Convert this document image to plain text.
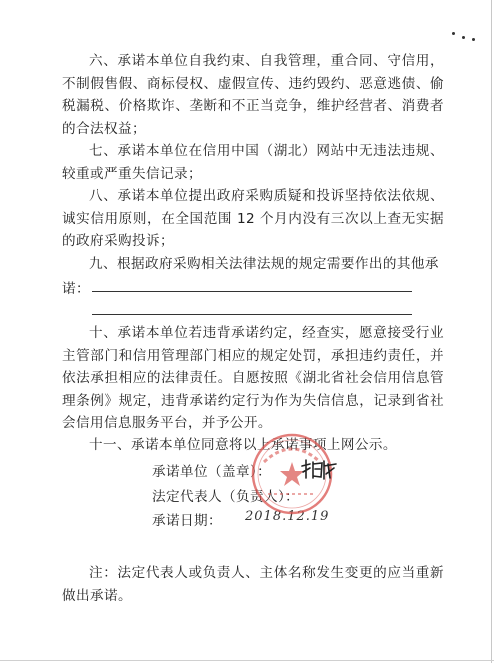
六、承诺本单位自我约束、自我管理，重合同、守信用，不制假售假、商标侵权、虚假宣传、违约毁约、恶意逃债、偷税漏税、价格欺诈、垄断和不正当竞争，维护经营者、消费者的合法权益；

七、承诺本单位在信用中国（湖北）网站中无违法违规、较重或严重失信记录；

八、承诺本单位提出政府采购质疑和投诉坚持依法依规、诚实信用原则，在全国范围 12 个月内没有三次以上查无实据的政府采购投诉；

九、根据政府采购相关法律法规的规定需要作出的其他承

诺：

十、承诺本单位若违背承诺约定，经查实，愿意接受行业主管部门和信用管理部门相应的规定处罚，承担违约责任，并依法承担相应的法律责任。自愿按照《湖北省社会信用信息管理条例》规定，违背承诺约定行为作为失信信息，记录到省社会信用信息服务平台，并予公开。

十一、承诺本单位同意将以上承诺事项上网公示。

承诺单位（盖章）：
法定代表人（负责人）：
承诺日期： 2018.12.19

注：法定代表人或负责人、主体名称发生变更的应当重新做出承诺。
